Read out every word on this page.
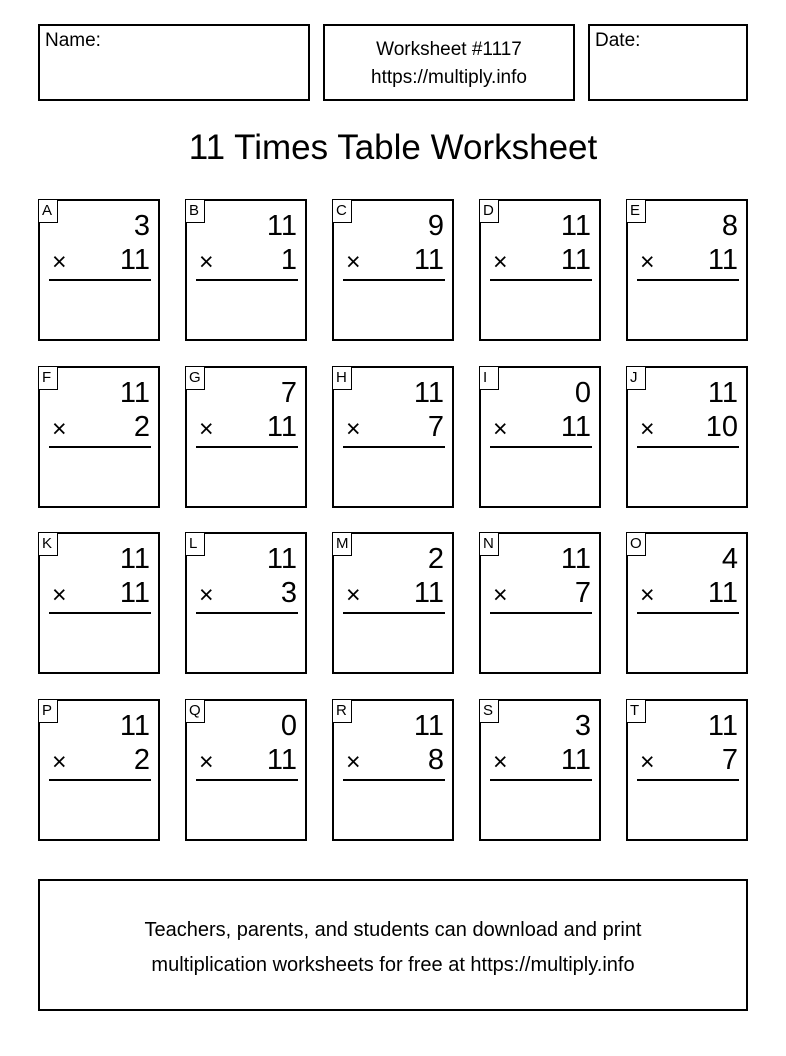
Name:	Worksheet #1117
https://multiply.info
Date:
11 Times Table Worksheet
A	3
× 11
B 11
× 1
C	9
× 11
D 11
× 11
E	8
× 11
F 11
× 2
G	7
× 11
H 11
× 7
I	0
× 11
J 11
× 10
K 11
× 11
L 11
× 3
M	2
× 11
N 11
× 7
O	4
× 11
P 11
× 2
Q	0
× 11
R 11
× 8
S	3
× 11
T 11
× 7
Teachers, parents, and students can download and print
multiplication worksheets for free at https://multiply.info
